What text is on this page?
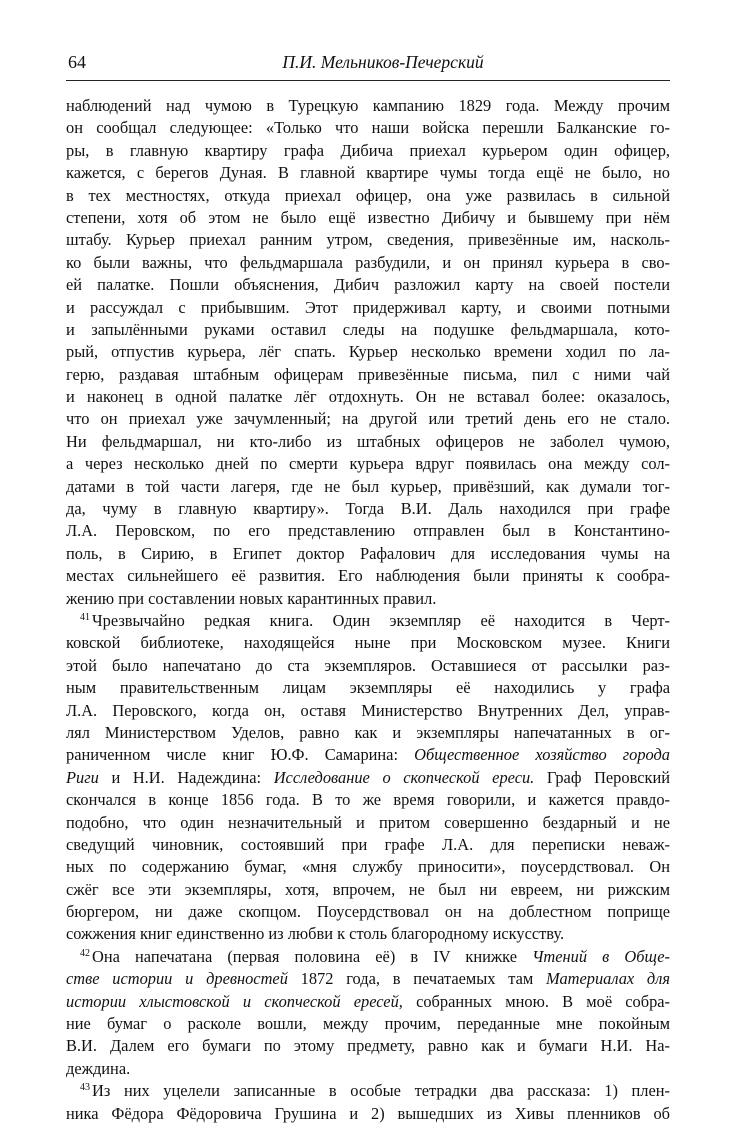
64	П.И. Мельников-Печерский
наблюдений над чумою в Турецкую кампанию 1829 года. Между прочим
он сообщал следующее: «Только что наши войска перешли Балканские го-
ры, в главную квартиру графа Дибича приехал курьером один офицер,
кажется, с берегов Дуная. В главной квартире чумы тогда ещё не было, но
в тех местностях, откуда приехал офицер, она уже развилась в сильной
степени, хотя об этом не было ещё известно Дибичу и бывшему при нём
штабу. Курьер приехал ранним утром, сведения, привезённые им, насколь-
ко были важны, что фельдмаршала разбудили, и он принял курьера в сво-
ей палатке. Пошли объяснения, Дибич разложил карту на своей постели
и рассуждал с прибывшим. Этот придерживал карту, и своими потными
и запылёнными руками оставил следы на подушке фельдмаршала, кото-
рый, отпустив курьера, лёг спать. Курьер несколько времени ходил по ла-
герю, раздавая штабным офицерам привезённые письма, пил с ними чай
и наконец в одной палатке лёг отдохнуть. Он не вставал более: оказалось,
что он приехал уже зачумленный; на другой или третий день его не стало.
Ни фельдмаршал, ни кто-либо из штабных офицеров не заболел чумою,
а через несколько дней по смерти курьера вдруг появилась она между сол-
датами в той части лагеря, где не был курьер, привёзший, как думали тог-
да, чуму в главную квартиру». Тогда В.И. Даль находился при графе
Л.А. Перовском, по его представлению отправлен был в Константино-
поль, в Сирию, в Египет доктор Рафалович для исследования чумы на
местах сильнейшего её развития. Его наблюдения были приняты к сообра-
жению при составлении новых карантинных правил.
$^{41}$ Чрезвычайно редкая книга. Один экземпляр её находится в Черт-
ковской библиотеке, находящейся ныне при Московском музее. Книги
этой было напечатано до ста экземпляров. Оставшиеся от рассылки раз-
ным правительственным лицам экземпляры её находились у графа
Л.А. Перовского, когда он, оставя Министерство Внутренних Дел, управ-
лял Министерством Уделов, равно как и экземпляры напечатанных в ог-
раниченном числе книг Ю.Ф. Самарина: Общественное хозяйство города
Риги и Н.И. Надеждина: Исследование о скопческой ереси. Граф Перовский
скончался в конце 1856 года. В то же время говорили, и кажется правдо-
подобно, что один незначительный и притом совершенно бездарный и не
сведущий чиновник, состоявший при графе Л.А. для переписки неваж-
ных по содержанию бумаг, «мня службу приносити», поусердствовал. Он
сжёг все эти экземпляры, хотя, впрочем, не был ни евреем, ни рижским
бюргером, ни даже скопцом. Поусердствовал он на доблестном поприще
сожжения книг единственно из любви к столь благородному искусству.
$^{42}$ Она напечатана (первая половина её) в IV книжке Чтений в Обще-
стве истории и древностей 1872 года, в печатаемых там Материалах для
истории хлыстовской и скопческой ересей, собранных мною. В моё собра-
ние бумаг о расколе вошли, между прочим, переданные мне покойным
В.И. Далем его бумаги по этому предмету, равно как и бумаги Н.И. На-
деждина.
$^{43}$ Из них уцелели записанные в особые тетрадки два рассказа: 1) плен-
ника Фёдора Фёдоровича Грушина и 2) вышедших из Хивы пленников об
